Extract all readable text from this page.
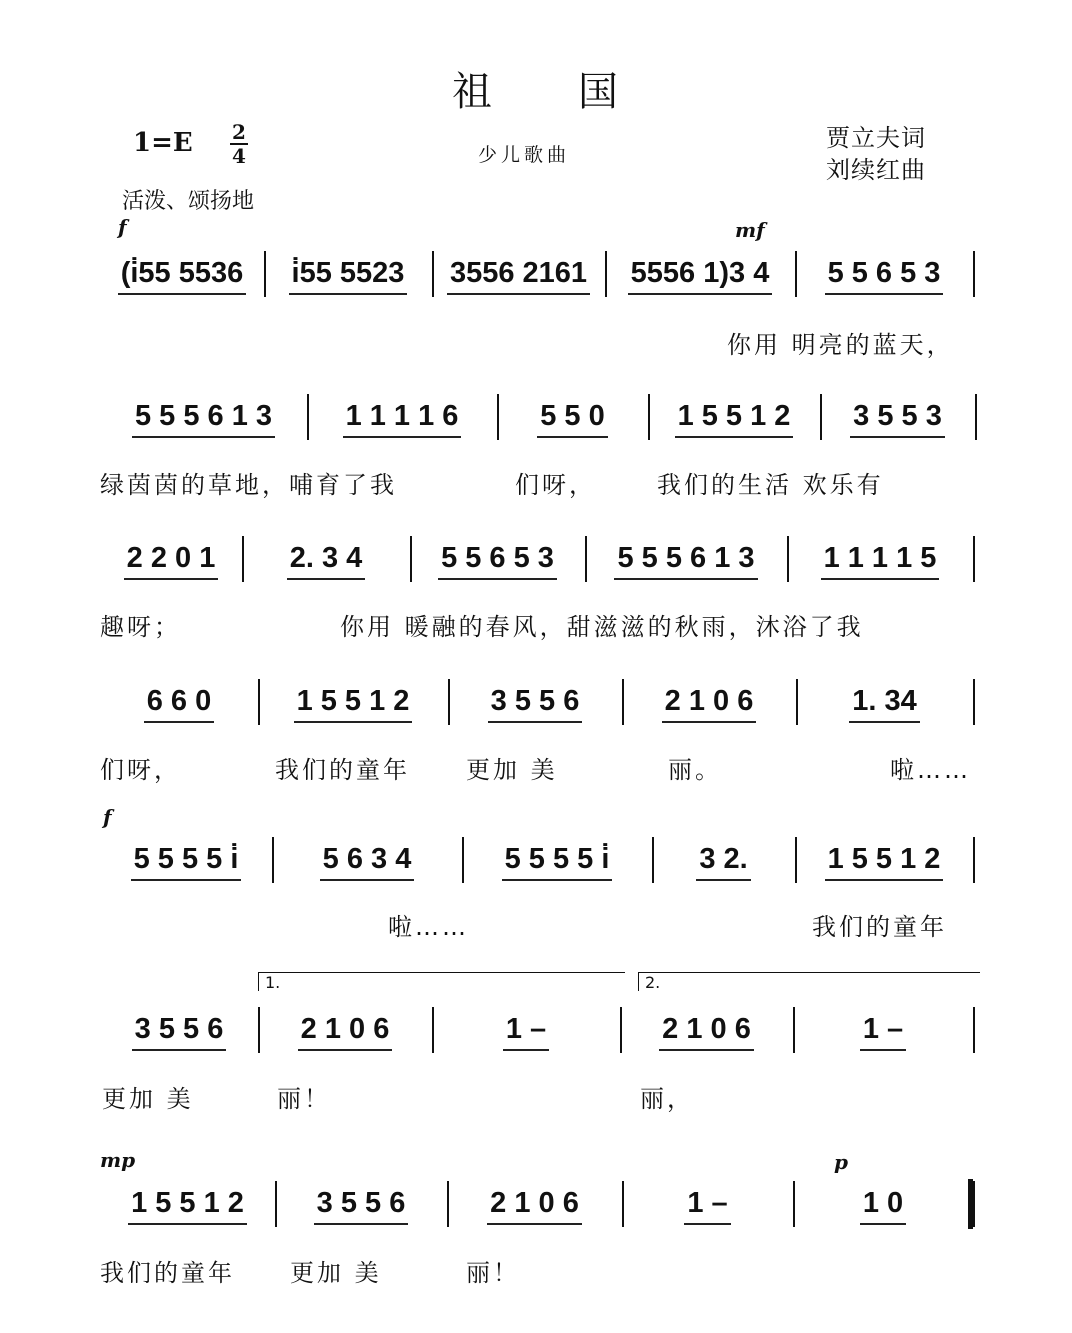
祖　　国
1=E 2
4	少儿歌曲
贾立夫词
刘续红曲
活泼、颂扬地
(i̇55 5536 i̇55 5523 3556 2161 5556 1)3 4 5 5 6 5 3
你用 明亮的蓝天，
5 5 5 6 1 3	1 1 1 1 6	5 5 0	1 5 5 1 2 3 5 5 3
绿茵茵的草地，哺育了我	们呀，	我们的生活 欢乐有
2 2 0 1	2. 3 4	5 5 6 5 3 5 5 5 6 1 3 1 1 1 1 5
趣呀；	你用 暖融的春风，甜滋滋的秋雨，沐浴了我
6 6 0	1 5 5 1 2	3 5 5 6	2 1 0 6	1. 34
们呀，	我们的童年 更加 美	丽。	啦……
5 5 5 5 i̇	5 6 3 4	5 5 5 5 i̇	3 2.	1 5 5 1 2
啦……	我们的童年
3 5 5 6	2 1 0 6	1 –	2 1 0 6	1 –
更加 美	丽！	丽，
1 5 5 1 2	3 5 5 6	2 1 0 6	1 –	1 0
我们的童年 更加 美	丽！
f	mf
f
mp	p
1.	2.
